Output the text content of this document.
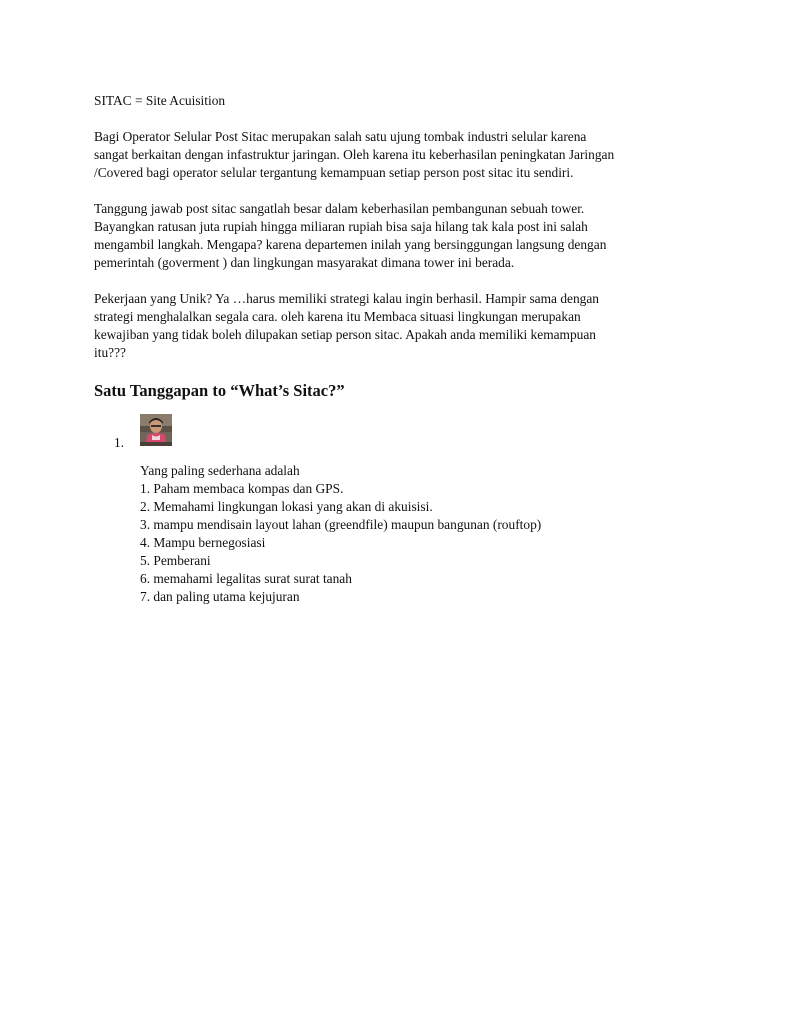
SITAC = Site Acuisition

Bagi Operator Selular Post Sitac merupakan salah satu ujung tombak industri selular karena
sangat berkaitan dengan infastruktur jaringan. Oleh karena itu keberhasilan peningkatan Jaringan
/Covered bagi operator selular tergantung kemampuan setiap person post sitac itu sendiri.

Tanggung jawab post sitac sangatlah besar dalam keberhasilan pembangunan sebuah tower.
Bayangkan ratusan juta rupiah hingga miliaran rupiah bisa saja hilang tak kala post ini salah
mengambil langkah. Mengapa? karena departemen inilah yang bersinggungan langsung dengan
pemerintah (goverment ) dan lingkungan masyarakat dimana tower ini berada.

Pekerjaan yang Unik? Ya …harus memiliki strategi kalau ingin berhasil. Hampir sama dengan
strategi menghalalkan segala cara. oleh karena itu Membaca situasi lingkungan merupakan
kewajiban yang tidak boleh dilupakan setiap person sitac. Apakah anda memiliki kemampuan
itu???

Satu Tanggapan to “What’s Sitac?”
1.
Yang paling sederhana adalah
1. Paham membaca kompas dan GPS.
2. Memahami lingkungan lokasi yang akan di akuisisi.
3. mampu mendisain layout lahan (greendfile) maupun bangunan (rouftop)
4. Mampu bernegosiasi
5. Pemberani
6. memahami legalitas surat surat tanah
7. dan paling utama kejujuran
